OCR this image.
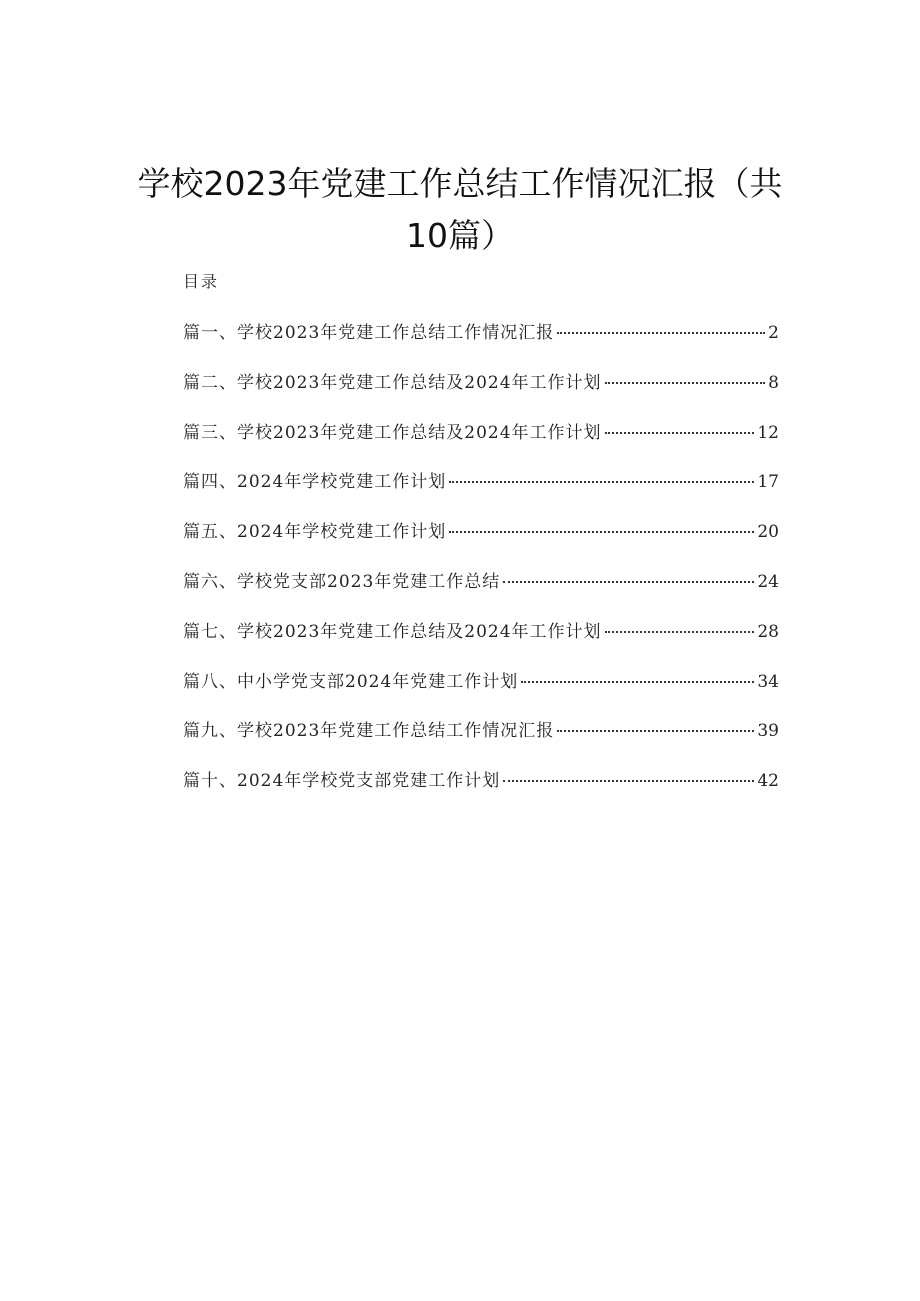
学校2023年党建工作总结工作情况汇报（共
10篇）
目录
篇一、学校2023年党建工作总结工作情况汇报	2
篇二、学校2023年党建工作总结及2024年工作计划	8
篇三、学校2023年党建工作总结及2024年工作计划	12
篇四、2024年学校党建工作计划	17
篇五、2024年学校党建工作计划	20
篇六、学校党支部2023年党建工作总结	24
篇七、学校2023年党建工作总结及2024年工作计划	28
篇八、中小学党支部2024年党建工作计划	34
篇九、学校2023年党建工作总结工作情况汇报	39
篇十、2024年学校党支部党建工作计划	42
